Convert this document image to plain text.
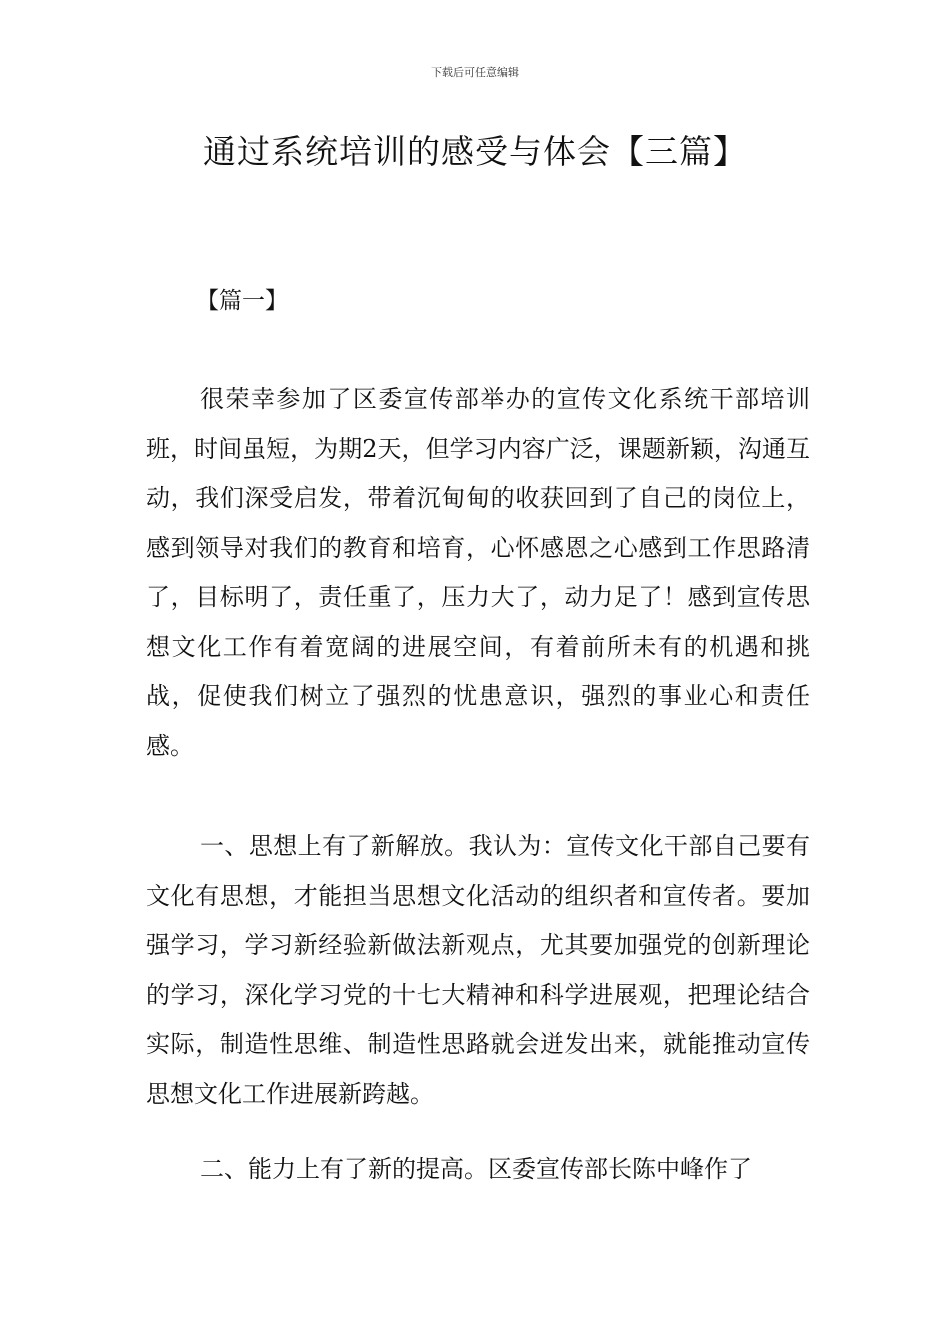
下载后可任意编辑
通过系统培训的感受与体会【三篇】
【篇一】

很荣幸参加了区委宣传部举办的宣传文化系统干部培训班，时间虽短，为期2天，但学习内容广泛，课题新颖，沟通互动，我们深受启发，带着沉甸甸的收获回到了自己的岗位上，感到领导对我们的教育和培育，心怀感恩之心感到工作思路清了，目标明了，责任重了，压力大了，动力足了！感到宣传思想文化工作有着宽阔的进展空间，有着前所未有的机遇和挑战，促使我们树立了强烈的忧患意识，强烈的事业心和责任感。

一、思想上有了新解放。我认为：宣传文化干部自己要有文化有思想，才能担当思想文化活动的组织者和宣传者。要加强学习，学习新经验新做法新观点，尤其要加强党的创新理论的学习，深化学习党的十七大精神和科学进展观，把理论结合实际，制造性思维、制造性思路就会迸发出来，就能推动宣传思想文化工作进展新跨越。

二、能力上有了新的提高。区委宣传部长陈中峰作了
